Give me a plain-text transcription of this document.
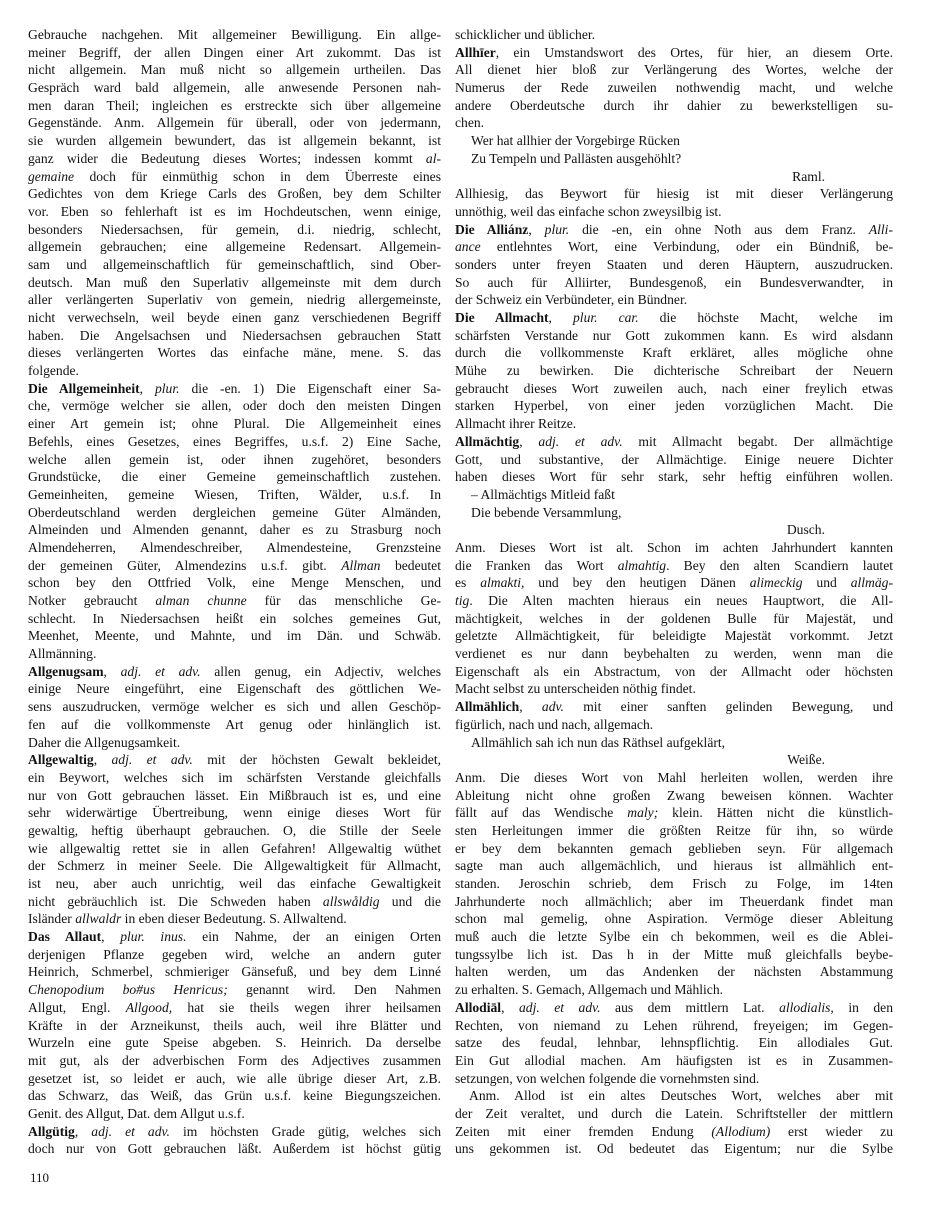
Gebrauche nachgehen. Mit allgemeiner Bewilligung. Ein allge-
meiner Begriff, der allen Dingen einer Art zukommt. Das ist
nicht allgemein. Man muß nicht so allgemein urtheilen. Das
Gespräch ward bald allgemein, alle anwesende Personen nah-
men daran Theil; ingleichen es erstreckte sich über allgemeine
Gegenstände. Anm. Allgemein für überall, oder von jedermann,
sie wurden allgemein bewundert, das ist allgemein bekannt, ist
ganz wider die Bedeutung dieses Wortes; indessen kommt al-
gemaine doch für einmüthig schon in dem Überreste eines
Gedichtes von dem Kriege Carls des Großen, bey dem Schilter
vor. Eben so fehlerhaft ist es im Hochdeutschen, wenn einige,
besonders Niedersachsen, für gemein, d.i. niedrig, schlecht,
allgemein gebrauchen; eine allgemeine Redensart. Allgemein-
sam und allgemeinschaftlich für gemeinschaftlich, sind Ober-
deutsch. Man muß den Superlativ allgemeinste mit dem durch
aller verlängerten Superlativ von gemein, niedrig allergemeinste,
nicht verwechseln, weil beyde einen ganz verschiedenen Begriff
haben. Die Angelsachsen und Niedersachsen gebrauchen Statt
dieses verlängerten Wortes das einfache mäne, mene. S. das
folgende.
Die Allgemeinheit, plur. die -en. 1) Die Eigenschaft einer Sa-
che, vermöge welcher sie allen, oder doch den meisten Dingen
einer Art gemein ist; ohne Plural. Die Allgemeinheit eines
Befehls, eines Gesetzes, eines Begriffes, u.s.f. 2) Eine Sache,
welche allen gemein ist, oder ihnen zugehöret, besonders
Grundstücke, die einer Gemeine gemeinschaftlich zustehen.
Gemeinheiten, gemeine Wiesen, Triften, Wälder, u.s.f. In
Oberdeutschland werden dergleichen gemeine Güter Almänden,
Almeinden und Almenden genannt, daher es zu Strasburg noch
Almendeherren, Almendeschreiber, Almendesteine, Grenzsteine
der gemeinen Güter, Almendezins u.s.f. gibt. Allman bedeutet
schon bey den Ottfried Volk, eine Menge Menschen, und
Notker gebraucht alman chunne für das menschliche Ge-
schlecht. In Niedersachsen heißt ein solches gemeines Gut,
Meenhet, Meente, und Mahnte, und im Dän. und Schwäb.
Allmänning.
Allgenugsam, adj. et adv. allen genug, ein Adjectiv, welches
einige Neure eingeführt, eine Eigenschaft des göttlichen We-
sens auszudrucken, vermöge welcher es sich und allen Geschöp-
fen auf die vollkommenste Art genug oder hinlänglich ist.
Daher die Allgenugsamkeit.
Allgewaltig, adj. et adv. mit der höchsten Gewalt bekleidet,
ein Beywort, welches sich im schärfsten Verstande gleichfalls
nur von Gott gebrauchen lässet. Ein Mißbrauch ist es, und eine
sehr widerwärtige Übertreibung, wenn einige dieses Wort für
gewaltig, heftig überhaupt gebrauchen. O, die Stille der Seele
wie allgewaltig rettet sie in allen Gefahren! Allgewaltig wüthet
der Schmerz in meiner Seele. Die Allgewaltigkeit für Allmacht,
ist neu, aber auch unrichtig, weil das einfache Gewaltigkeit
nicht gebräuchlich ist. Die Schweden haben allswåldig und die
Isländer allwaldr in eben dieser Bedeutung. S. Allwaltend.
Das Allaut, plur. inus. ein Nahme, der an einigen Orten
derjenigen Pflanze gegeben wird, welche an andern guter
Heinrich, Schmerbel, schmieriger Gänsefuß, und bey dem Linné
Chenopodium bo#us Henricus; genannt wird. Den Nahmen
Allgut, Engl. Allgood, hat sie theils wegen ihrer heilsamen
Kräfte in der Arzneikunst, theils auch, weil ihre Blätter und
Wurzeln eine gute Speise abgeben. S. Heinrich. Da derselbe
mit gut, als der adverbischen Form des Adjectives zusammen
gesetzet ist, so leidet er auch, wie alle übrige dieser Art, z.B.
das Schwarz, das Weiß, das Grün u.s.f. keine Biegungszeichen.
Genit. des Allgut, Dat. dem Allgut u.s.f.
Allgütig, adj. et adv. im höchsten Grade gütig, welches sich
doch nur von Gott gebrauchen läßt. Außerdem ist höchst gütig
schicklicher und üblicher.
Allhīer, ein Umstandswort des Ortes, für hier, an diesem Orte.
All dienet hier bloß zur Verlängerung des Wortes, welche der
Numerus der Rede zuweilen nothwendig macht, und welche
andere Oberdeutsche durch ihr dahier zu bewerkstelligen su-
chen.
Wer hat allhier der Vorgebirge Rücken
Zu Tempeln und Pallästen ausgehöhlt?
Raml.
Allhiesig, das Beywort für hiesig ist mit dieser Verlängerung
unnöthig, weil das einfache schon zweysilbig ist.
Die Alliánz, plur. die -en, ein ohne Noth aus dem Franz. Alli-
ance entlehntes Wort, eine Verbindung, oder ein Bündniß, be-
sonders unter freyen Staaten und deren Häuptern, auszudrucken.
So auch für Alliirter, Bundesgenoß, ein Bundesverwandter, in
der Schweiz ein Verbündeter, ein Bündner.
Die Allmacht, plur. car. die höchste Macht, welche im
schärfsten Verstande nur Gott zukommen kann. Es wird alsdann
durch die vollkommenste Kraft erkläret, alles mögliche ohne
Mühe zu bewirken. Die dichterische Schreibart der Neuern
gebraucht dieses Wort zuweilen auch, nach einer freylich etwas
starken Hyperbel, von einer jeden vorzüglichen Macht. Die
Allmacht ihrer Reitze.
Allmächtig, adj. et adv. mit Allmacht begabt. Der allmächtige
Gott, und substantive, der Allmächtige. Einige neuere Dichter
haben dieses Wort für sehr stark, sehr heftig einführen wollen.
– Allmächtigs Mitleid faßt
Die bebende Versammlung,
Dusch.
Anm. Dieses Wort ist alt. Schon im achten Jahrhundert kannten
die Franken das Wort almahtig. Bey den alten Scandiern lautet
es almakti, und bey den heutigen Dänen alimeckig und allmäg-
tig. Die Alten machten hieraus ein neues Hauptwort, die All-
mächtigkeit, welches in der goldenen Bulle für Majestät, und
geletzte Allmächtigkeit, für beleidigte Majestät vorkommt. Jetzt
verdienet es nur dann beybehalten zu werden, wenn man die
Eigenschaft als ein Abstractum, von der Allmacht oder höchsten
Macht selbst zu unterscheiden nöthig findet.
Allmählich, adv. mit einer sanften gelinden Bewegung, und
figürlich, nach und nach, allgemach.
Allmählich sah ich nun das Räthsel aufgeklärt,
Weiße.
Anm. Die dieses Wort von Mahl herleiten wollen, werden ihre
Ableitung nicht ohne großen Zwang beweisen können. Wachter
fällt auf das Wendische maly; klein. Hätten nicht die künstlich-
sten Herleitungen immer die größten Reitze für ihn, so würde
er bey dem bekannten gemach geblieben seyn. Für allgemach
sagte man auch allgemächlich, und hieraus ist allmählich ent-
standen. Jeroschin schrieb, dem Frisch zu Folge, im 14ten
Jahrhunderte noch allmächlich; aber im Theuerdank findet man
schon mal gemelig, ohne Aspiration. Vermöge dieser Ableitung
muß auch die letzte Sylbe ein ch bekommen, weil es die Ablei-
tungssylbe lich ist. Das h in der Mitte muß gleichfalls beybe-
halten werden, um das Andenken der nächsten Abstammung
zu erhalten. S. Gemach, Allgemach und Mählich.
Allodiāl, adj. et adv. aus dem mittlern Lat. allodialis, in den
Rechten, von niemand zu Lehen rührend, freyeigen; im Gegen-
satze des feudal, lehnbar, lehnspflichtig. Ein allodiales Gut.
Ein Gut allodial machen. Am häufigsten ist es in Zusammen-
setzungen, von welchen folgende die vornehmsten sind.
Anm. Allod ist ein altes Deutsches Wort, welches aber mit
der Zeit veraltet, und durch die Latein. Schriftsteller der mittlern
Zeiten mit einer fremden Endung (Allodium) erst wieder zu
uns gekommen ist. Od bedeutet das Eigentum; nur die Sylbe
110
